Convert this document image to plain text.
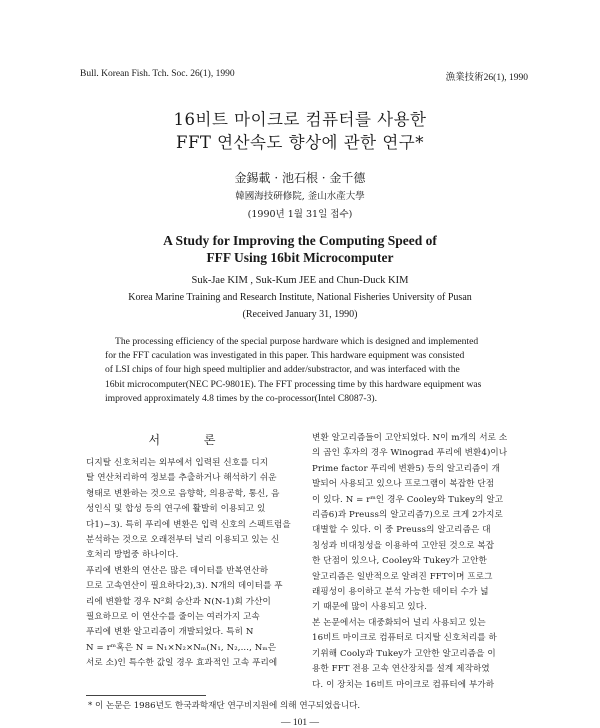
Bull. Korean Fish. Tch. Soc. 26(1), 1990	漁業技術26(1), 1990
16비트 마이크로 컴퓨터를 사용한
FFT 연산속도 향상에 관한 연구*
金錫載 · 池石根 · 金千德
韓國海技硏修院, 釜山水產大學
(1990년 1월 31일 접수)
A Study for Improving the Computing Speed of
FFF Using 16bit Microcomputer
Suk-Jae KIM , Suk-Kum JEE and Chun-Duck KIM
Korea Marine Training and Research Institute, National Fisheries University of Pusan
(Received January 31, 1990)
The processing efficiency of the special purpose hardware which is designed and implemented
for the FFT caculation was investigated in this paper. This hardware equipment was consisted
of LSI chips of four high speed multiplier and adder/substractor, and was interfaced with the
16bit microcomputer(NEC PC-9801E). The FFT processing time by this hardware equipment was
improved approximately 4.8 times by the co-processor(Intel C8087-3).
서 론
디지탈 신호처리는 외부에서 입력된 신호를 디지
탈 연산처리하여 정보를 추출하거나 해석하기 쉬운
형태로 변환하는 것으로 음향학, 의용공학, 통신, 음
성인식 및 합성 등의 연구에 활발히 이용되고 있
다1)~3). 특히 푸리에 변환은 입력 신호의 스펙트럼을
분석하는 것으로 오래전부터 널리 이용되고 있는 신
호처리 방법중 하나이다.
푸리에 변환의 연산은 많은 데이터를 반복연산하
므로 고속연산이 필요하다2),3). N개의 데이터를 푸
리에 변환할 경우 N²회 승산과 N(N-1)회 가산이
필요하므로 이 연산수를 줄이는 여러가지 고속
푸리에 변환 알고리즘이 개발되었다. 특히 N
N = rᵐ혹은 N = N₁×N₂×Nₘ(N₁, N₂,..., Nₘ은
서로 소)인 특수한 값일 경우 효과적인 고속 푸리에
변환 알고리즘들이 고안되었다. N이 m개의 서로 소
의 곱인 후자의 경우 Winograd 푸리에 변환4)이나
Prime factor 푸리에 변환5) 등의 알고리즘이 개
발되어 사용되고 있으나 프로그램이 복잡한 단점
이 있다. N = rᵐ인 경우 Cooley와 Tukey의 알고
리즘6)과 Preuss의 알고리즘7)으로 크게 2가지로
대별할 수 있다. 이 중 Preuss의 알고리즘은 대
칭성과 비대칭성을 이용하여 고안된 것으로 복잡
한 단점이 있으나, Cooley와 Tukey가 고안한
알고리즘은 일반적으로 알려진 FFT이며 프로그
래핑성이 용이하고 분석 가능한 데이터 수가 넓
기 때문에 많이 사용되고 있다.
본 논문에서는 대중화되어 널리 사용되고 있는
16비트 마이크로 컴퓨터로 디지탈 신호처리를 하
기위해 Cooly과 Tukey가 고안한 알고리즘을 이
용한 FFT 전용 고속 연산장치를 설계 제작하였
다. 이 장치는 16비트 마이크로 컴퓨터에 부가하
* 이 논문은 1986년도 한국과학재단 연구비지원에 의해 연구되었읍니다.
— 101 —
